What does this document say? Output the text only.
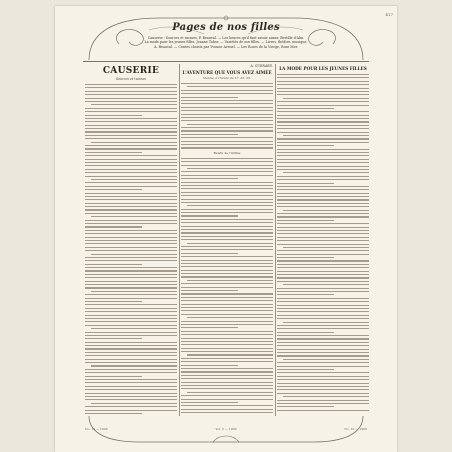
417
Pages de nos filles
Causerie : Sources et racines, P. Beauval. — Les heures qu'il faut savoir aimer, Bertille d'Alm.
La mode pour les jeunes filles, Jeanne Tabor. — Variétés de nos filles. — Livres, théâtre, musique.
A. Beauval. — Contes choisis par Yvonne Avenel. — Les Roses de la Vierge, Rose Mer.
CAUSERIE
Sources et racines
A. GUERARD.
L'AVENTURE QUE VOUS AVEZ AIMÉE
Vienne, à l'heure du 17. 23. 25.
Rendu de l'intime
LA MODE POUR LES JEUNES FILLES
No. 10 — 1906	Vol. 2 — 1906	No. 10 — 1906
